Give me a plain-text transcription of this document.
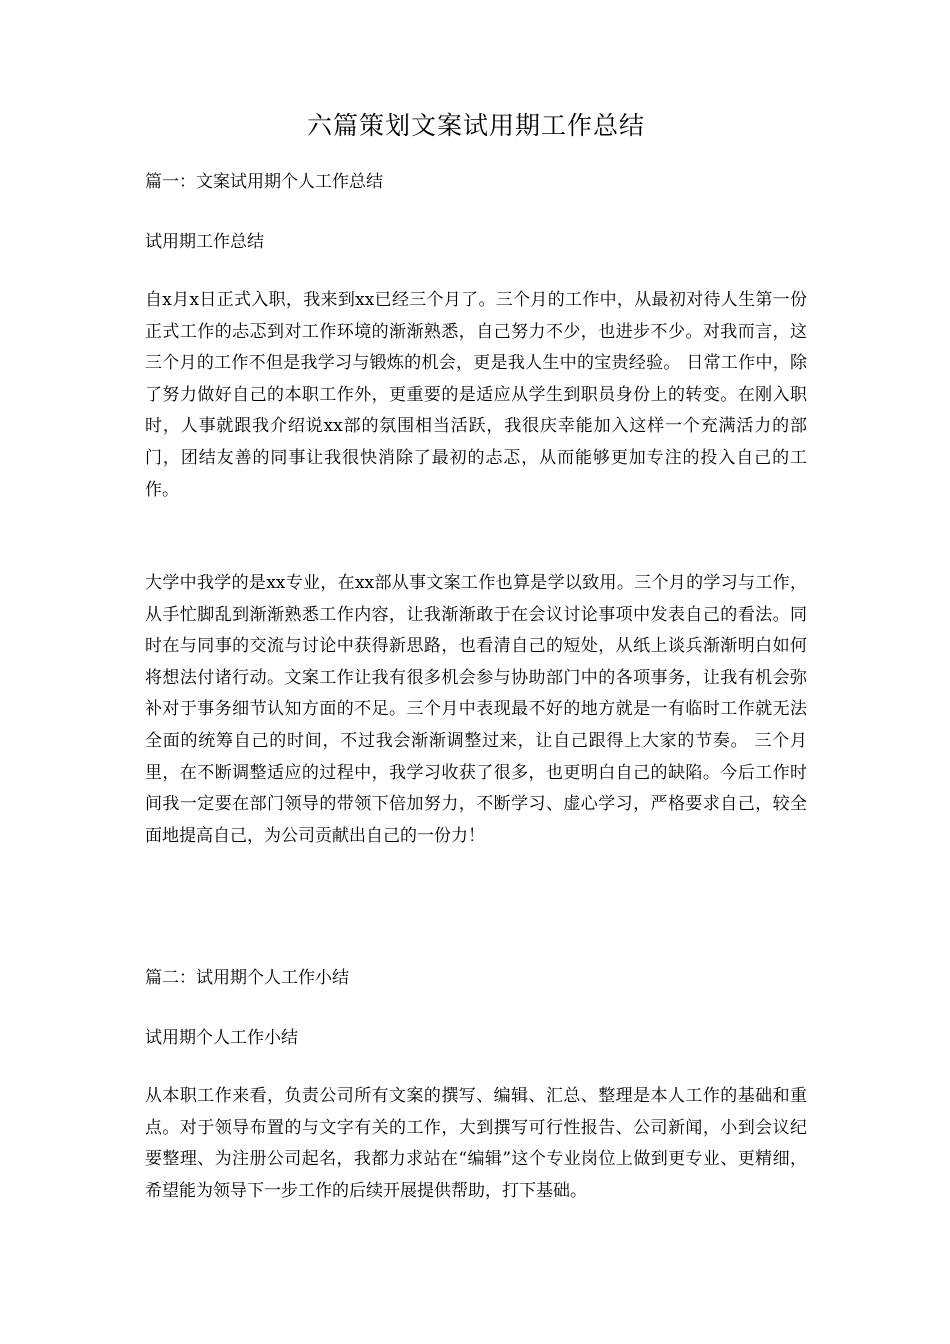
六篇策划文案试用期工作总结

篇一：文案试用期个人工作总结

试用期工作总结

自x月x日正式入职，我来到xx已经三个月了。三个月的工作中，从最初对待人生第一份正式工作的忐忑到对工作环境的渐渐熟悉，自己努力不少，也进步不少。对我而言，这三个月的工作不但是我学习与锻炼的机会，更是我人生中的宝贵经验。 日常工作中，除了努力做好自己的本职工作外，更重要的是适应从学生到职员身份上的转变。在刚入职时，人事就跟我介绍说xx部的氛围相当活跃，我很庆幸能加入这样一个充满活力的部门，团结友善的同事让我很快消除了最初的忐忑，从而能够更加专注的投入自己的工作。

大学中我学的是xx专业，在xx部从事文案工作也算是学以致用。三个月的学习与工作，从手忙脚乱到渐渐熟悉工作内容，让我渐渐敢于在会议讨论事项中发表自己的看法。同时在与同事的交流与讨论中获得新思路，也看清自己的短处，从纸上谈兵渐渐明白如何将想法付诸行动。文案工作让我有很多机会参与协助部门中的各项事务，让我有机会弥补对于事务细节认知方面的不足。三个月中表现最不好的地方就是一有临时工作就无法全面的统筹自己的时间，不过我会渐渐调整过来，让自己跟得上大家的节奏。 三个月里，在不断调整适应的过程中，我学习收获了很多，也更明白自己的缺陷。今后工作时间我一定要在部门领导的带领下倍加努力，不断学习、虚心学习，严格要求自己，较全面地提高自己，为公司贡献出自己的一份力！

篇二：试用期个人工作小结

试用期个人工作小结

从本职工作来看，负责公司所有文案的撰写、编辑、汇总、整理是本人工作的基础和重点。对于领导布置的与文字有关的工作，大到撰写可行性报告、公司新闻，小到会议纪要整理、为注册公司起名，我都力求站在“编辑”这个专业岗位上做到更专业、更精细，希望能为领导下一步工作的后续开展提供帮助，打下基础。
